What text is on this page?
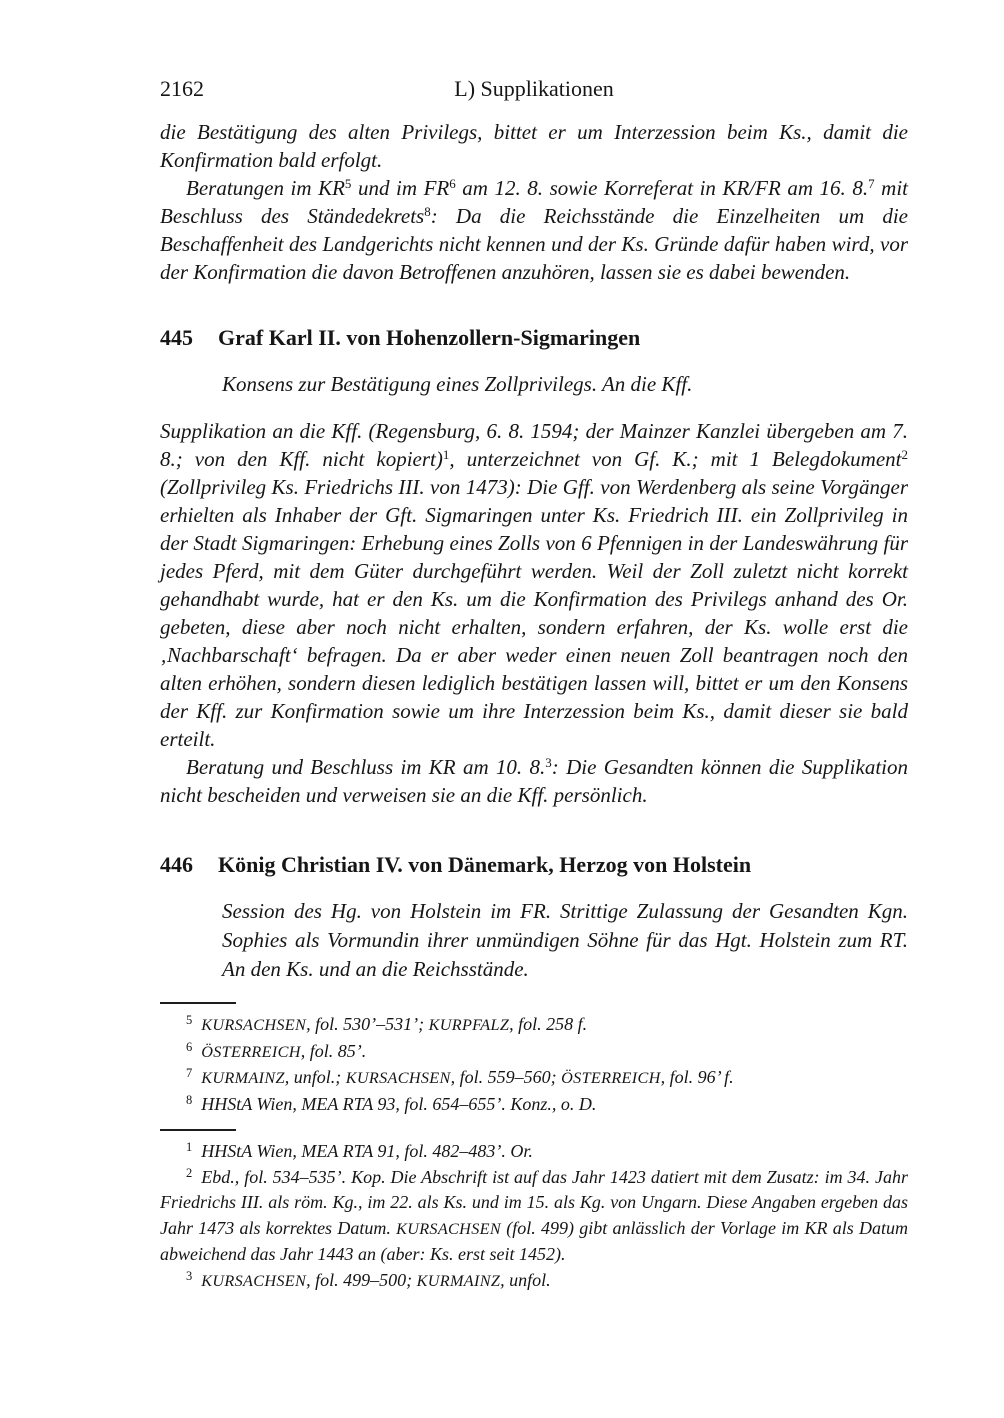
2162	L) Supplikationen

die Bestätigung des alten Privilegs, bittet er um Interzession beim Ks., damit die Konfirmation bald erfolgt.

Beratungen im KR$^5$ und im FR$^6$ am 12. 8. sowie Korreferat in KR/FR am 16. 8.$^7$ mit Beschluss des Ständedekrets$^8$: Da die Reichsstände die Einzelheiten um die Beschaffenheit des Landgerichts nicht kennen und der Ks. Gründe dafür haben wird, vor der Konfirmation die davon Betroffenen anzuhören, lassen sie es dabei bewenden.

445	Graf Karl II. von Hohenzollern-Sigmaringen

Konsens zur Bestätigung eines Zollprivilegs. An die Kff.

Supplikation an die Kff. (Regensburg, 6. 8. 1594; der Mainzer Kanzlei übergeben am 7. 8.; von den Kff. nicht kopiert)$^1$, unterzeichnet von Gf. K.; mit 1 Belegdokument$^2$ (Zollprivileg Ks. Friedrichs III. von 1473): Die Gff. von Werdenberg als seine Vorgänger erhielten als Inhaber der Gft. Sigmaringen unter Ks. Friedrich III. ein Zollprivileg in der Stadt Sigmaringen: Erhebung eines Zolls von 6 Pfennigen in der Landeswährung für jedes Pferd, mit dem Güter durchgeführt werden. Weil der Zoll zuletzt nicht korrekt gehandhabt wurde, hat er den Ks. um die Konfirmation des Privilegs anhand des Or. gebeten, diese aber noch nicht erhalten, sondern erfahren, der Ks. wolle erst die ‚Nachbarschaft‘ befragen. Da er aber weder einen neuen Zoll beantragen noch den alten erhöhen, sondern diesen lediglich bestätigen lassen will, bittet er um den Konsens der Kff. zur Konfirmation sowie um ihre Interzession beim Ks., damit dieser sie bald erteilt.

Beratung und Beschluss im KR am 10. 8.$^3$: Die Gesandten können die Supplikation nicht bescheiden und verweisen sie an die Kff. persönlich.

446	König Christian IV. von Dänemark, Herzog von Holstein

Session des Hg. von Holstein im FR. Strittige Zulassung der Gesandten Kgn. Sophies als Vormundin ihrer unmündigen Söhne für das Hgt. Holstein zum RT. An den Ks. und an die Reichsstände.

$^5$ KURSACHSEN, fol. 530’–531’; KURPFALZ, fol. 258 f.

$^6$ ÖSTERREICH, fol. 85’.

$^7$ KURMAINZ, unfol.; KURSACHSEN, fol. 559–560; ÖSTERREICH, fol. 96’ f.

$^8$ HHStA Wien, MEA RTA 93, fol. 654–655’. Konz., o. D.

$^1$ HHStA Wien, MEA RTA 91, fol. 482–483’. Or.

$^2$ Ebd., fol. 534–535’. Kop. Die Abschrift ist auf das Jahr 1423 datiert mit dem Zusatz: im 34. Jahr Friedrichs III. als röm. Kg., im 22. als Ks. und im 15. als Kg. von Ungarn. Diese Angaben ergeben das Jahr 1473 als korrektes Datum. KURSACHSEN (fol. 499) gibt anlässlich der Vorlage im KR als Datum abweichend das Jahr 1443 an (aber: Ks. erst seit 1452).

$^3$ KURSACHSEN, fol. 499–500; KURMAINZ, unfol.
